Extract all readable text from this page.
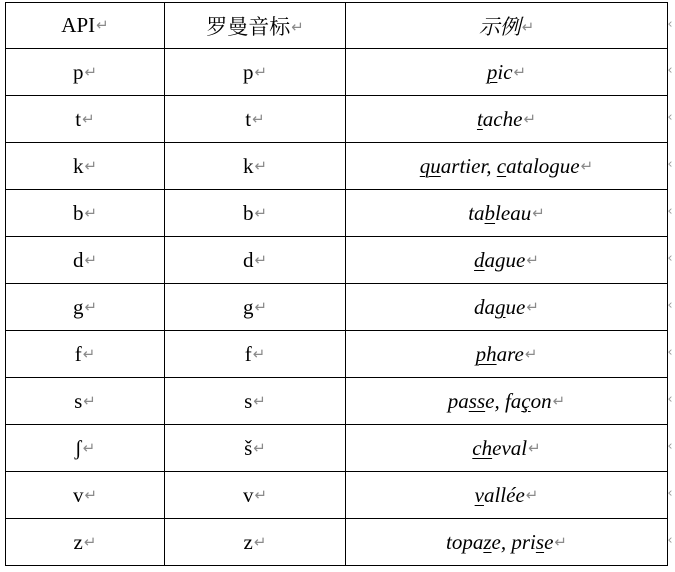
API↵	罗曼音标↵	示例↵
p↵	p↵	pic↵
t↵	t↵	tache↵
k↵	k↵	quartier, catalogue↵
b↵	b↵	tableau↵
d↵	d↵	dague↵
g↵	g↵	dague↵
f↵	f↵	phare↵
s↵	s↵	passe, façon↵
ʃ↵	š↵	cheval↵
v↵	v↵	vallée↵
z↵	z↵	topaze, prise↵
‹
‹
‹
‹
‹
‹
‹
‹
‹
‹
‹
‹
